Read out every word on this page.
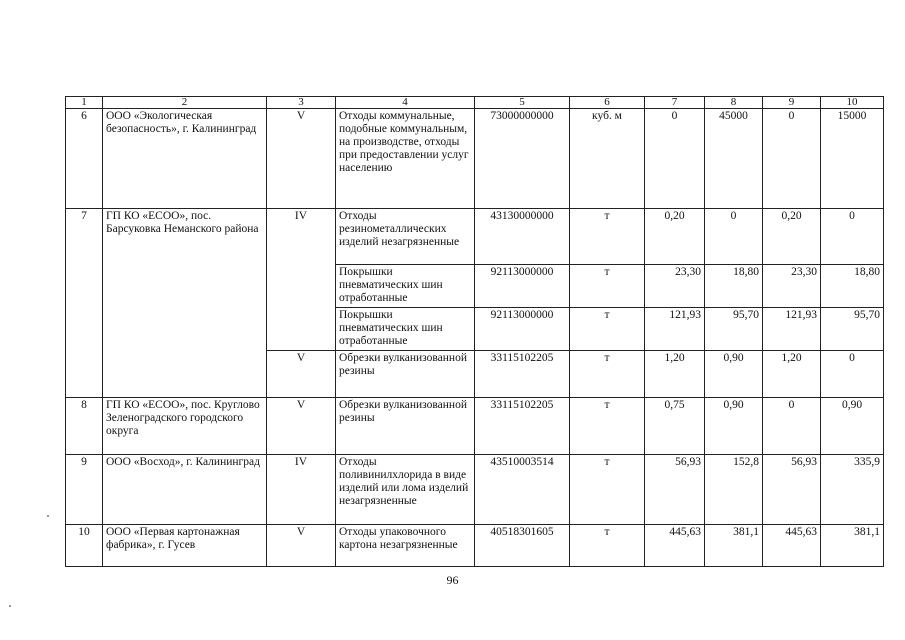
1	2	3	4	5	6	7	8	9	10
6	ООО «Экологическая безопасность», г. Калининград	V	Отходы коммунальные, подобные коммунальным, на производстве, отходы при предоставлении услуг населению	73000000000	куб. м	0	45000	0	15000
7	ГП КО «ЕСОО», пос. Барсуковка Неманского района	IV	Отходы резинометаллических изделий незагрязненные	43130000000	т	0,20	0	0,20	0
			Покрышки пневматических шин отработанные	92113000000	т	23,30	18,80	23,30	18,80
			Покрышки пневматических шин отработанные	92113000000	т	121,93	95,70	121,93	95,70
		V	Обрезки вулканизованной резины	33115102205	т	1,20	0,90	1,20	0
8	ГП КО «ЕСОО», пос. Круглово Зеленоградского городского округа	V	Обрезки вулканизованной резины	33115102205	т	0,75	0,90	0	0,90
9	ООО «Восход», г. Калининград	IV	Отходы поливинилхлорида в виде изделий или лома изделий незагрязненные	43510003514	т	56,93	152,8	56,93	335,9
10	ООО «Первая картонажная фабрика», г. Гусев	V	Отходы упаковочного картона незагрязненные	40518301605	т	445,63	381,1	445,63	381,1
96
